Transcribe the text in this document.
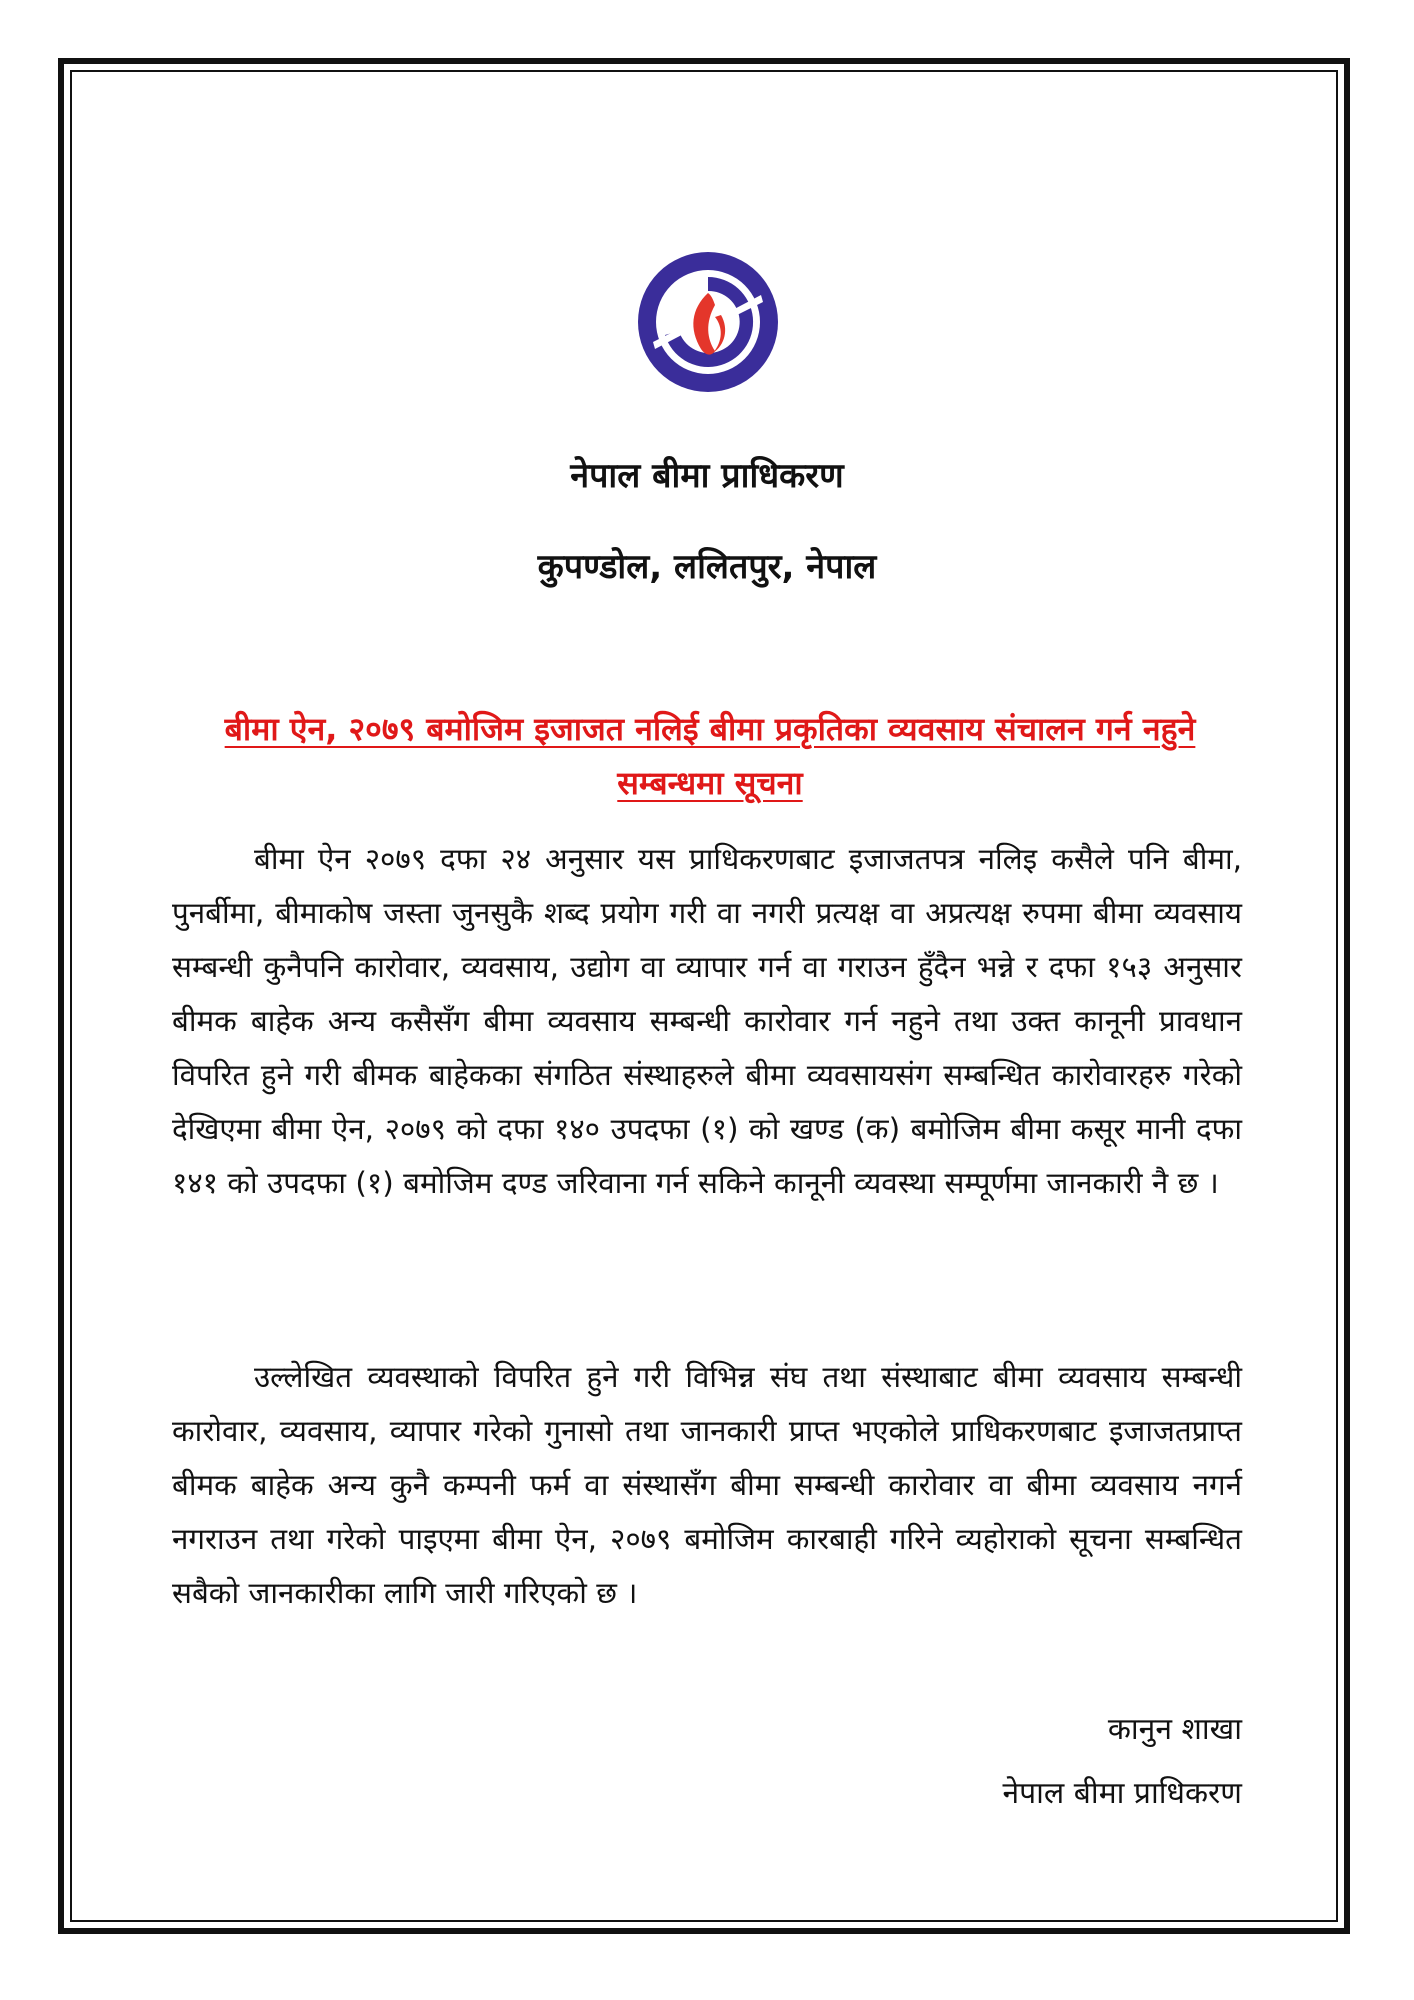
नेपाल बीमा प्राधिकरण
कुपण्डोल, ललितपुर, नेपाल
बीमा ऐन, २०७९ बमोजिम इजाजत नलिई बीमा प्रकृतिका व्यवसाय संचालन गर्न नहुने सम्बन्धमा सूचना

बीमा ऐन २०७९ दफा २४ अनुसार यस प्राधिकरणबाट इजाजतपत्र नलिइ कसैले पनि बीमा, पुनर्बीमा, बीमाकोष जस्ता जुनसुकै शब्द प्रयोग गरी वा नगरी प्रत्यक्ष वा अप्रत्यक्ष रुपमा बीमा व्यवसाय सम्बन्धी कुनैपनि कारोवार, व्यवसाय, उद्योग वा व्यापार गर्न वा गराउन हुँदैन भन्ने र दफा १५३ अनुसार बीमक बाहेक अन्य कसैसँग बीमा व्यवसाय सम्बन्धी कारोवार गर्न नहुने तथा उक्त कानूनी प्रावधान विपरित हुने गरी बीमक बाहेकका संगठित संस्थाहरुले बीमा व्यवसायसंग सम्बन्धित कारोवारहरु गरेको देखिएमा बीमा ऐन, २०७९ को दफा १४० उपदफा (१) को खण्ड (क) बमोजिम बीमा कसूर मानी दफा १४१ को उपदफा (१) बमोजिम दण्ड जरिवाना गर्न सकिने कानूनी व्यवस्था सम्पूर्णमा जानकारी नै छ ।

उल्लेखित व्यवस्थाको विपरित हुने गरी विभिन्न संघ तथा संस्थाबाट बीमा व्यवसाय सम्बन्धी कारोवार, व्यवसाय, व्यापार गरेको गुनासो तथा जानकारी प्राप्त भएकोले प्राधिकरणबाट इजाजतप्राप्त बीमक बाहेक अन्य कुनै कम्पनी फर्म वा संस्थासँग बीमा सम्बन्धी कारोवार वा बीमा व्यवसाय नगर्न नगराउन तथा गरेको पाइएमा बीमा ऐन, २०७९ बमोजिम कारबाही गरिने व्यहोराको सूचना सम्बन्धित सबैको जानकारीका लागि जारी गरिएको छ ।

कानुन शाखा
नेपाल बीमा प्राधिकरण
